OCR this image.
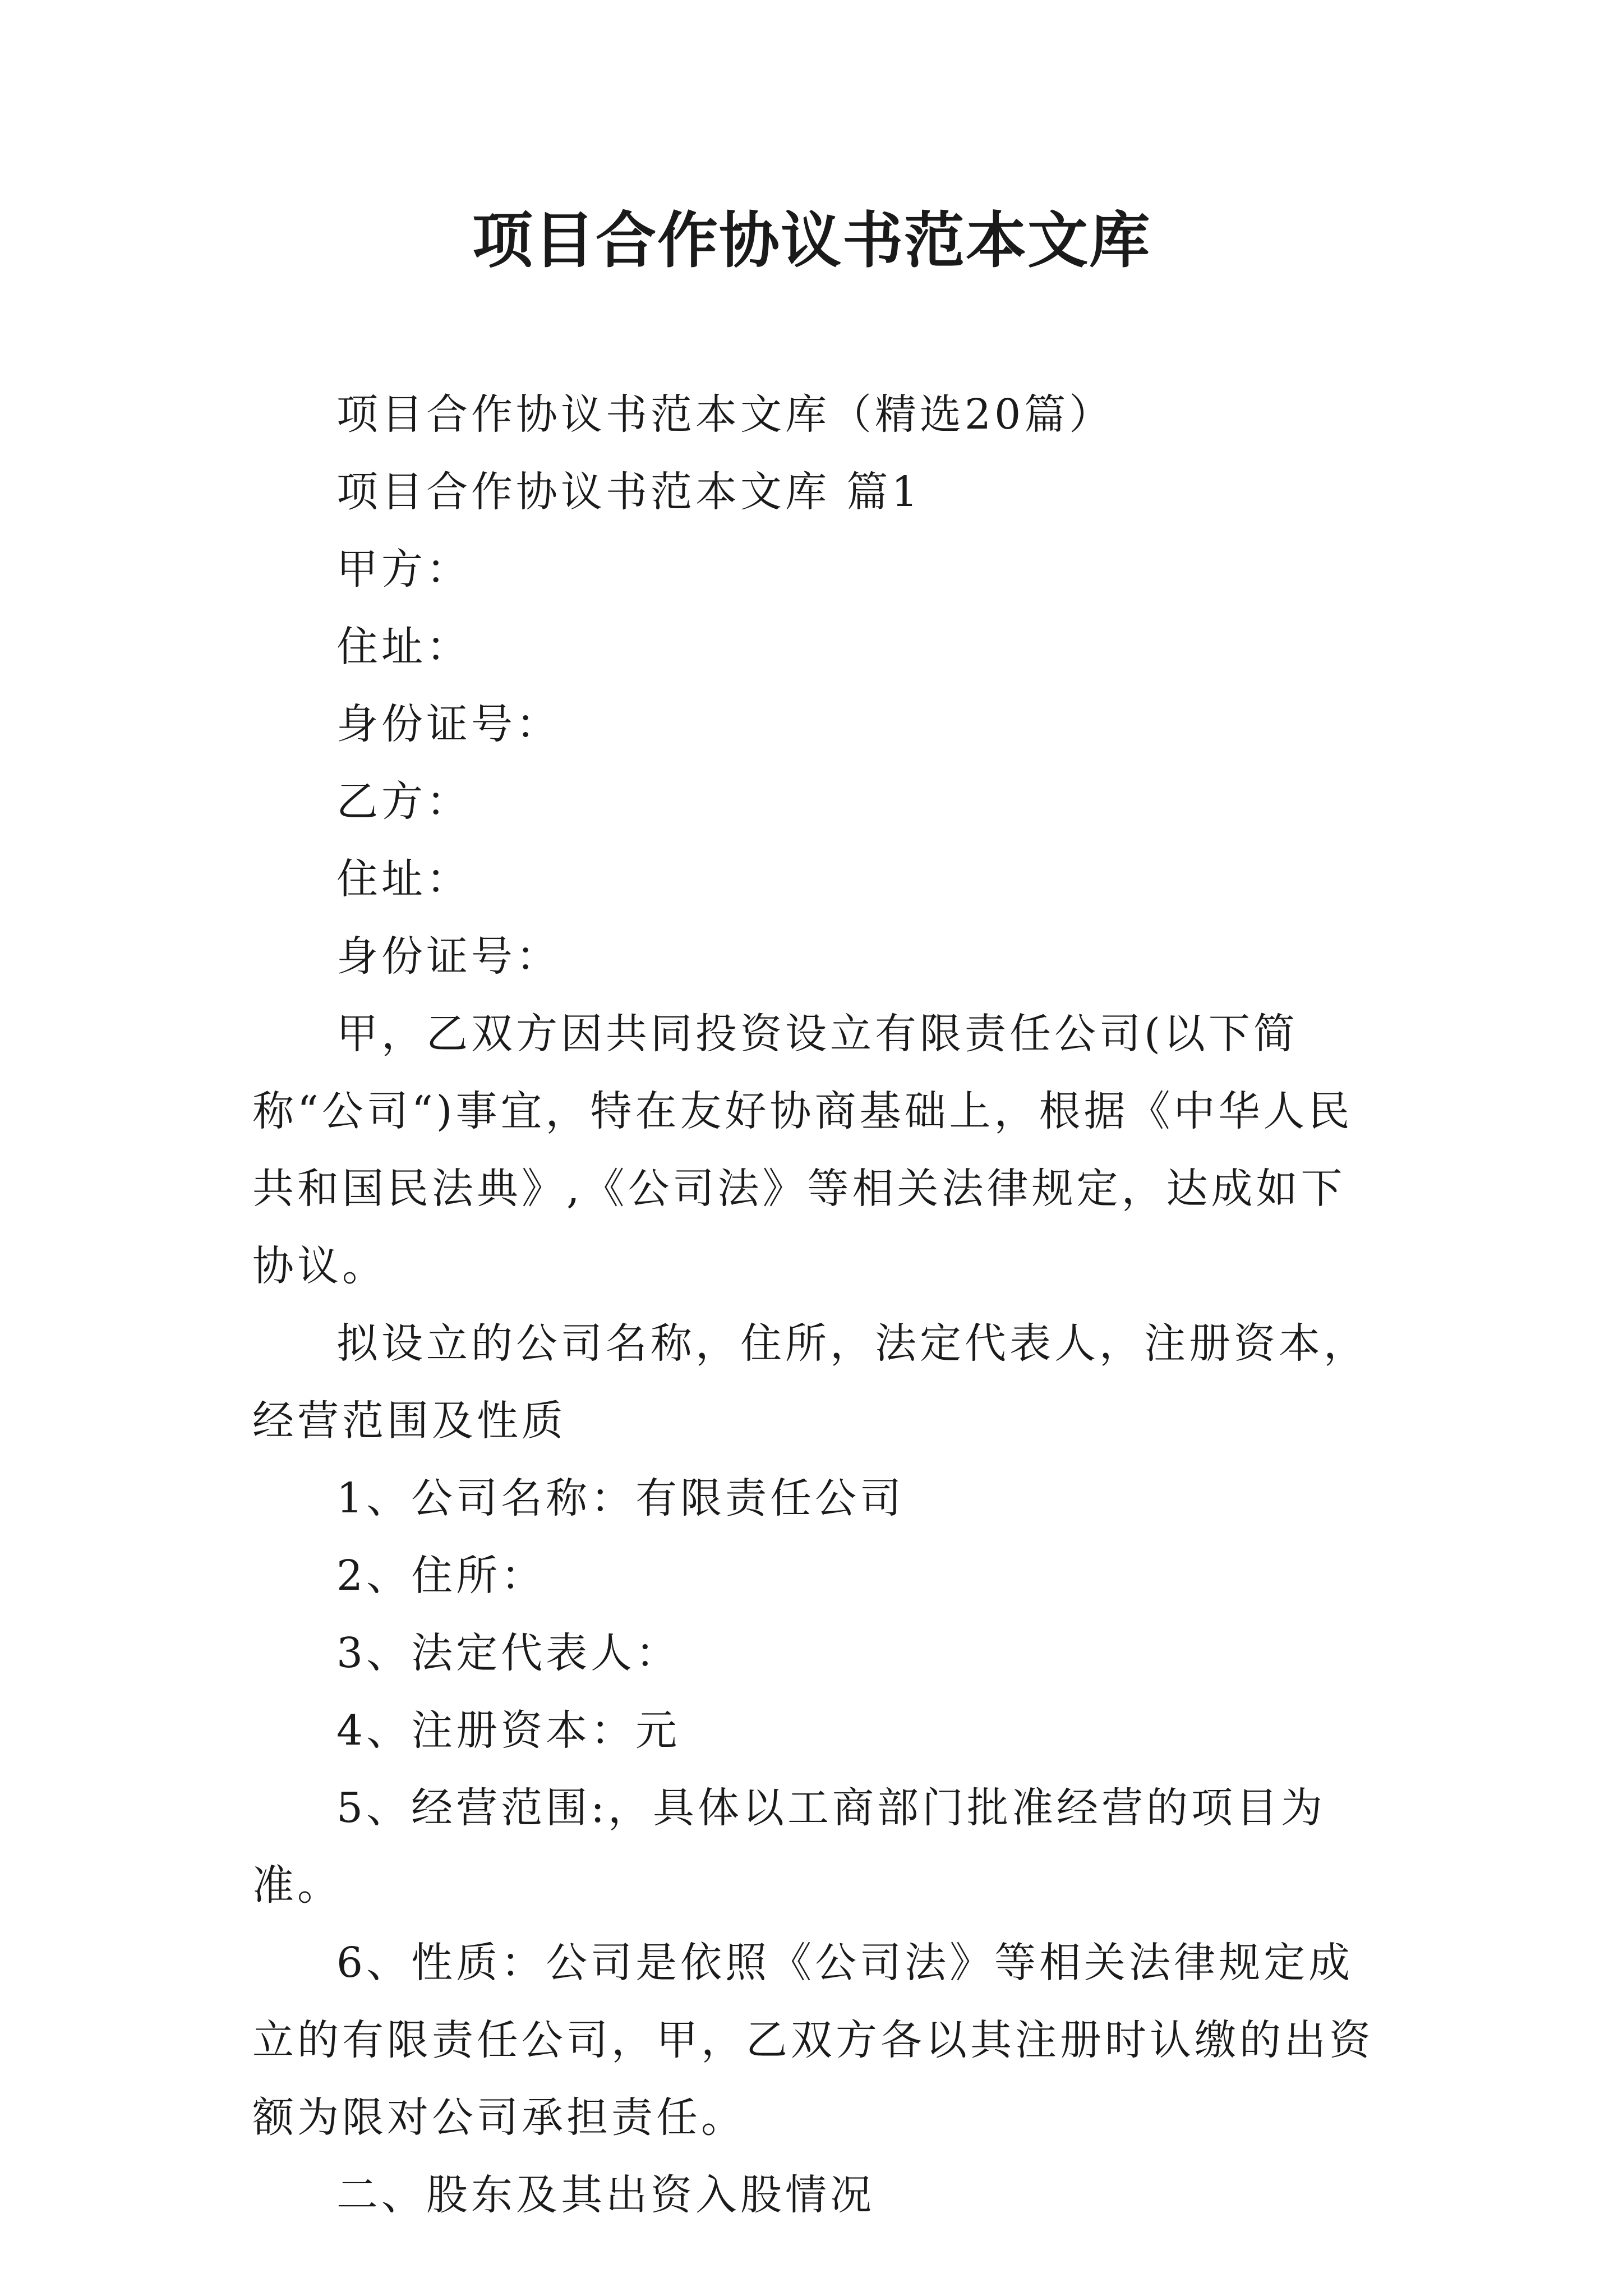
项目合作协议书范本文库

项目合作协议书范本文库（精选20篇）

项目合作协议书范本文库 篇1

甲方：

住址：

身份证号：

乙方：

住址：

身份证号：

甲，乙双方因共同投资设立有限责任公司(以下简称“公司“)事宜，特在友好协商基础上，根据《中华人民共和国民法典》,《公司法》等相关法律规定，达成如下协议。

拟设立的公司名称，住所，法定代表人，注册资本，经营范围及性质

1、公司名称：有限责任公司

2、住所：

3、法定代表人：

4、注册资本：元

5、经营范围:，具体以工商部门批准经营的项目为准。

6、性质：公司是依照《公司法》等相关法律规定成立的有限责任公司，甲，乙双方各以其注册时认缴的出资额为限对公司承担责任。

二、股东及其出资入股情况
